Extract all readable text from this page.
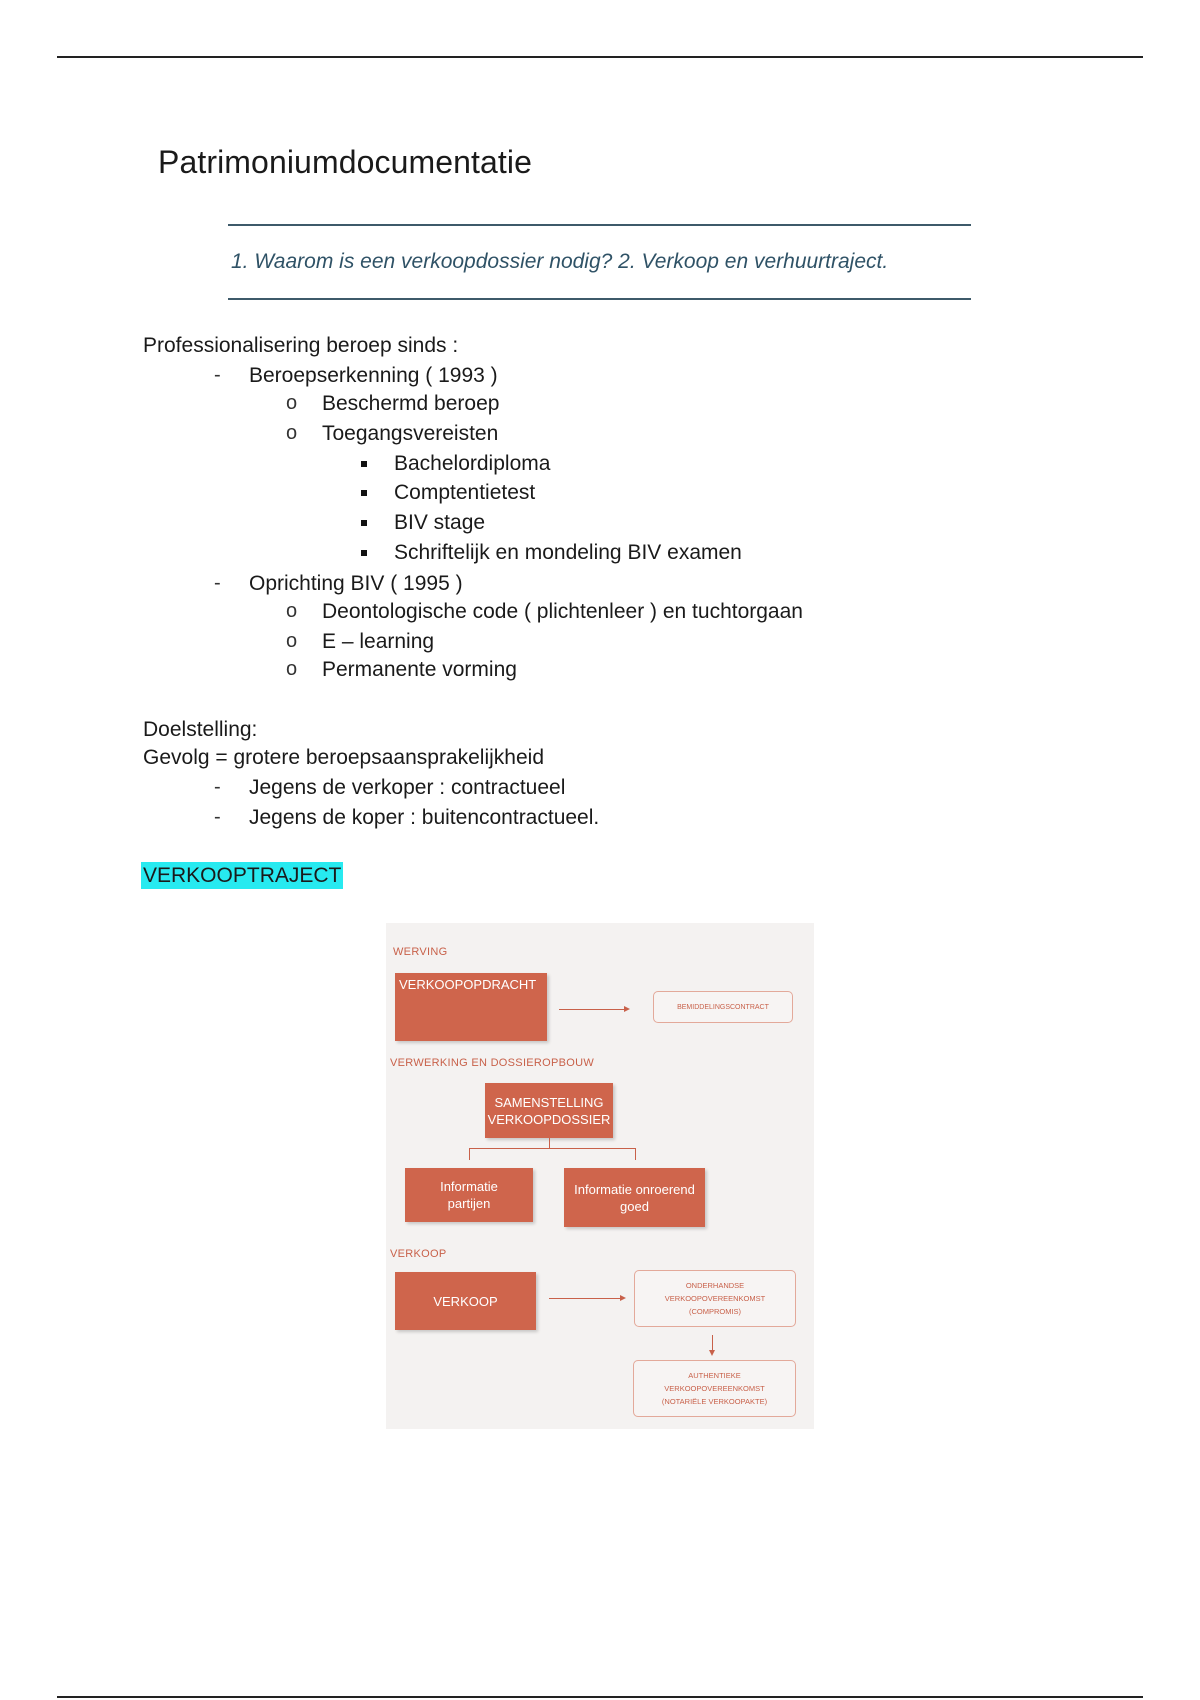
Patrimoniumdocumentatie
1. Waarom is een verkoopdossier nodig? 2. Verkoop en verhuurtraject.
Professionalisering beroep sinds :
- Beroepserkenning ( 1993 )
o Beschermd beroep
o Toegangsvereisten
Bachelordiploma
Comptentietest
BIV stage
Schriftelijk en mondeling BIV examen
- Oprichting BIV ( 1995 )
o Deontologische code ( plichtenleer ) en tuchtorgaan
o E – learning
o Permanente vorming
Doelstelling:
Gevolg = grotere beroepsaansprakelijkheid
- Jegens de verkoper : contractueel
- Jegens de koper : buitencontractueel.
VERKOOPTRAJECT
WERVING
VERKOOPOPDRACHT
BEMIDDELINGSCONTRACT
VERWERKING EN DOSSIEROPBOUW
SAMENSTELLING VERKOOPDOSSIER
Informatie partijen
Informatie onroerend goed
VERKOOP
VERKOOP
ONDERHANDSE VERKOOPOVEREENKOMST (COMPROMIS)
AUTHENTIEKE VERKOOPOVEREENKOMST (NOTARIËLE VERKOOPAKTE)
